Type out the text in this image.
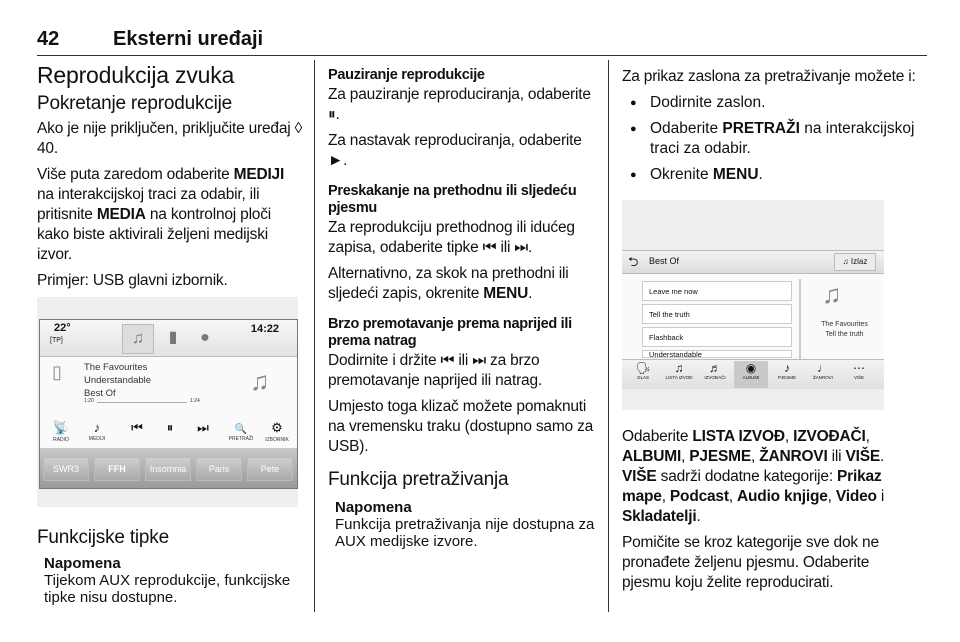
42	Eksterni uređaji
Reprodukcija zvuka
Pokretanje reprodukcije

Ako je nije priključen, priključite uređaj ◊ 40.

Više puta zaredom odaberite MEDIJI na interakcijskoj traci za odabir, ili pritisnite MEDIA na kontrolnoj ploči kako biste aktivirali željeni medijski izvor.

Primjer: USB glavni izbornik.

22°
[TP]	♫	▮	●	14:22
▯ The Favourites
Understandable
Best Of
1:20	1:24
♫
📡
RADIO
♪
MEDIJI
⏮	⏸	⏭	🔍
PRETRAŽI
⚙
IZBORNIK
SWR3	FFH	Insomnia	Paris	Pete
Funkcijske tipke
Napomena
Tijekom AUX reprodukcije, funkcijske tipke nisu dostupne.
Pauziranje reprodukcije

Za pauziranje reproduciranja, odaberite ⏸.

Za nastavak reproduciranja, odaberite ►.

Preskakanje na prethodnu ili sljedeću pjesmu

Za reprodukciju prethodnog ili idućeg zapisa, odaberite tipke ⏮ ili ⏭.

Alternativno, za skok na prethodni ili sljedeći zapis, okrenite MENU.

Brzo premotavanje prema naprijed ili prema natrag

Dodirnite i držite ⏮ ili ⏭ za brzo premotavanje naprijed ili natrag.

Umjesto toga klizač možete pomaknuti na vremensku traku (dostupno samo za USB).

Funkcija pretraživanja
Napomena
Funkcija pretraživanja nije dostupna za AUX medijske izvore.

Za prikaz zaslona za pretraživanje možete i:

● Dodirnite zaslon.
● Odaberite PRETRAŽI na interakcijskoj traci za odabir.
● Okrenite MENU.
⮌ Best Of	♫ Izlaz
Leave me now
Tell the truth
Flashback
Understandable
♫
The Favourites
Tell the truth
🗣
GLAS
♫
LISTA IZVOĐ
♬
IZVOĐAČI
◉
ALBUMI
♪
PJESME
♩
ŽANROVI
⋯
VIŠE

Odaberite LISTA IZVOĐ, IZVOĐAČI, ALBUMI, PJESME, ŽANROVI ili VIŠE. VIŠE sadrži dodatne kategorije: Prikaz mape, Podcast, Audio knjige, Video i Skladatelji.

Pomičite se kroz kategorije sve dok ne pronađete željenu pjesmu. Odaberite pjesmu koju želite reproducirati.
